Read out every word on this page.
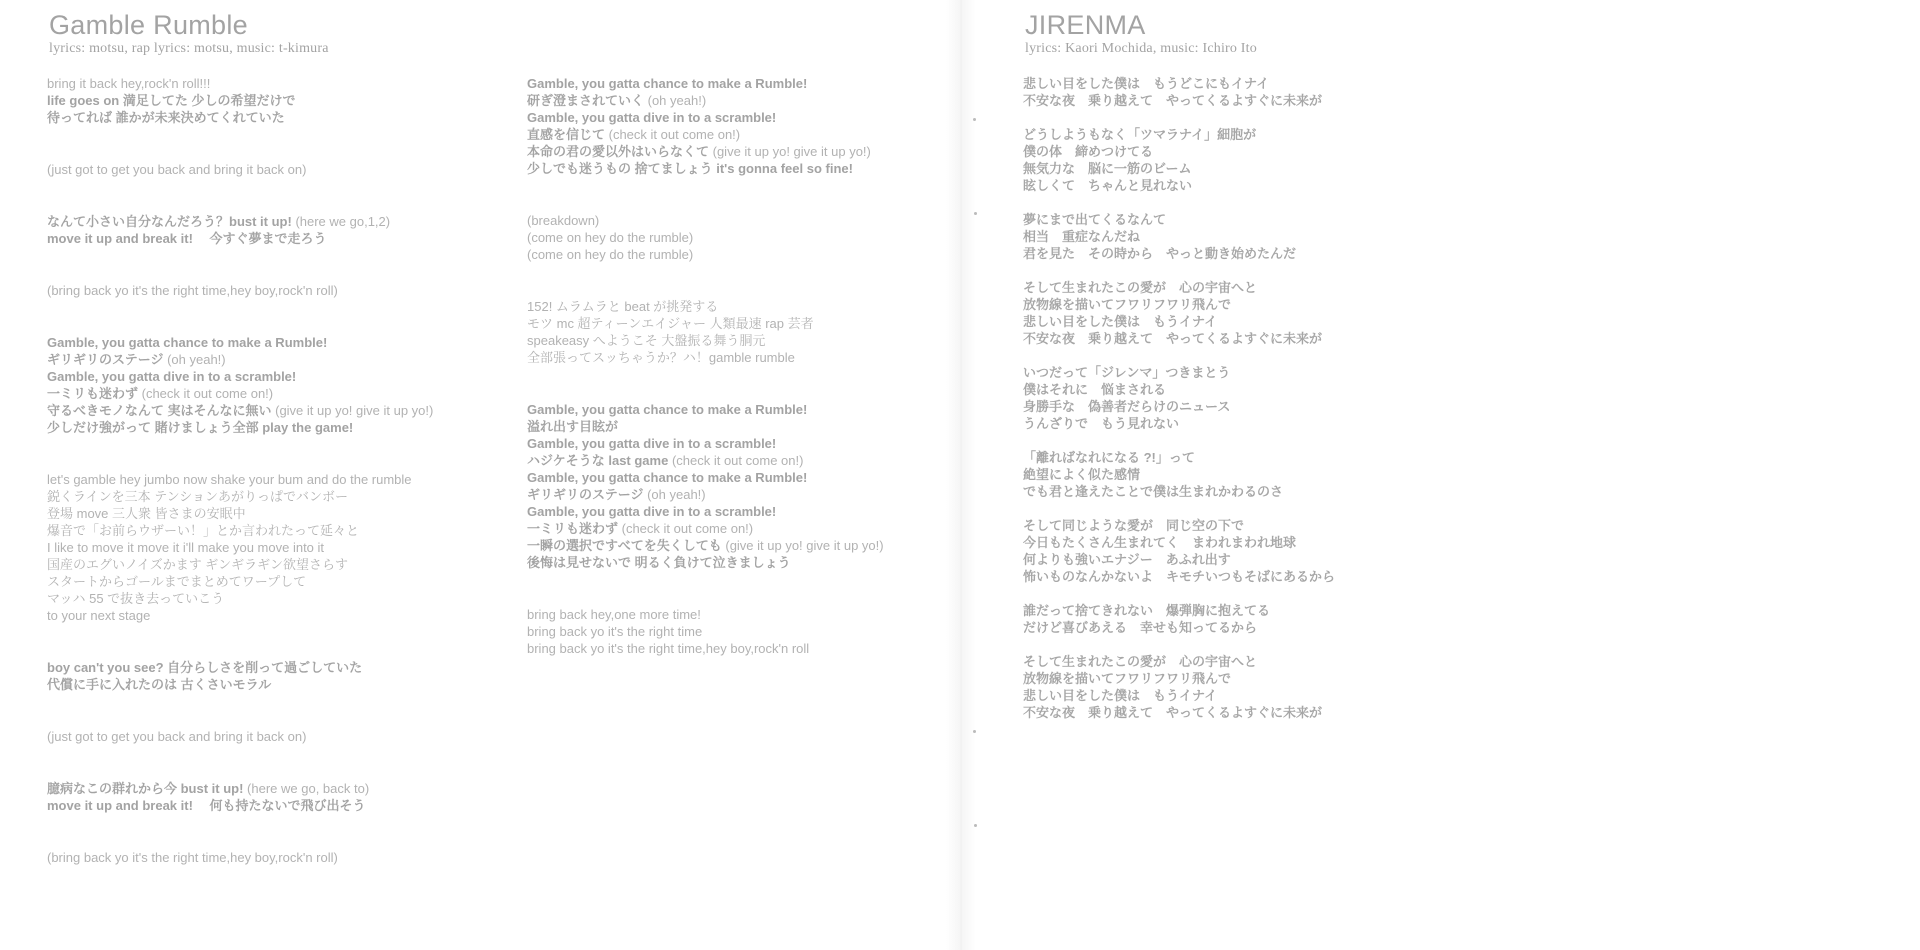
Gamble Rumble

lyrics: motsu, rap lyrics: motsu, music: t-kimura

bring it back hey,rock'n roll!!!
life goes on 満足してた 少しの希望だけで
待ってれば 誰かが未来決めてくれていた
(just got to get you back and bring it back on)
なんて小さい自分なんだろう？bust it up! (here we go,1,2)
move it up and break it!　 今すぐ夢まで走ろう
(bring back yo it's the right time,hey boy,rock'n roll)
Gamble, you gatta chance to make a Rumble!
ギリギリのステージ (oh yeah!)
Gamble, you gatta dive in to a scramble!
一ミリも迷わず (check it out come on!)
守るべきモノなんて 実はそんなに無い (give it up yo! give it up yo!)
少しだけ強がって 賭けましょう全部 play the game!
let's gamble hey jumbo now shake your bum and do the rumble
鋭くラインを三本 テンションあがりっぱでバンボー
登場 move 三人衆 皆さまの安眠中
爆音で「お前らウザーい！」とか言われたって延々と
I like to move it move it i'll make you move into it
国産のエグいノイズかます ギンギラギン欲望さらす
スタートからゴールまでまとめてワープして
マッハ 55 で抜き去っていこう
to your next stage
boy can't you see? 自分らしさを削って過ごしていた
代償に手に入れたのは 古くさいモラル
(just got to get you back and bring it back on)
臆病なこの群れから今 bust it up! (here we go, back to)
move it up and break it!　 何も持たないで飛び出そう
(bring back yo it's the right time,hey boy,rock'n roll)
Gamble, you gatta chance to make a Rumble!
研ぎ澄まされていく (oh yeah!)
Gamble, you gatta dive in to a scramble!
直感を信じて (check it out come on!)
本命の君の愛以外はいらなくて (give it up yo! give it up yo!)
少しでも迷うもの 捨てましょう it's gonna feel so fine!
(breakdown)
(come on hey do the rumble)
(come on hey do the rumble)
152! ムラムラと beat が挑発する
モツ mc 超ティーンエイジャー 人類最速 rap 芸者
speakeasy へようこそ 大盤振る舞う胴元
全部張ってスッちゃうか？ハ！gamble rumble
Gamble, you gatta chance to make a Rumble!
溢れ出す目眩が
Gamble, you gatta dive in to a scramble!
ハジケそうな last game (check it out come on!)
Gamble, you gatta chance to make a Rumble!
ギリギリのステージ (oh yeah!)
Gamble, you gatta dive in to a scramble!
一ミリも迷わず (check it out come on!)
一瞬の選択ですべてを失くしても (give it up yo! give it up yo!)
後悔は見せないで 明るく負けて泣きましょう
bring back hey,one more time!
bring back yo it's the right time
bring back yo it's the right time,hey boy,rock'n roll
JIRENMA

lyrics: Kaori Mochida, music: Ichiro Ito

悲しい目をした僕は　もうどこにもイナイ
不安な夜　乗り越えて　やってくるよすぐに未来が
どうしようもなく「ツマラナイ」細胞が
僕の体　締めつけてる
無気力な　脳に一筋のビーム
眩しくて　ちゃんと見れない
夢にまで出てくるなんて
相当　重症なんだね
君を見た　その時から　やっと動き始めたんだ
そして生まれたこの愛が　心の宇宙へと
放物線を描いてフワリフワリ飛んで
悲しい目をした僕は　もうイナイ
不安な夜　乗り越えて　やってくるよすぐに未来が
いつだって「ジレンマ」つきまとう
僕はそれに　悩まされる
身勝手な　偽善者だらけのニュース
うんざりで　もう見れない
「離ればなれになる ?!」って
絶望によく似た感情
でも君と逢えたことで僕は生まれかわるのさ
そして同じような愛が　同じ空の下で
今日もたくさん生まれてく　まわれまわれ地球
何よりも強いエナジー　あふれ出す
怖いものなんかないよ　キモチいつもそばにあるから
誰だって捨てきれない　爆弾胸に抱えてる
だけど喜びあえる　幸せも知ってるから
そして生まれたこの愛が　心の宇宙へと
放物線を描いてフワリフワリ飛んで
悲しい目をした僕は　もうイナイ
不安な夜　乗り越えて　やってくるよすぐに未来が
